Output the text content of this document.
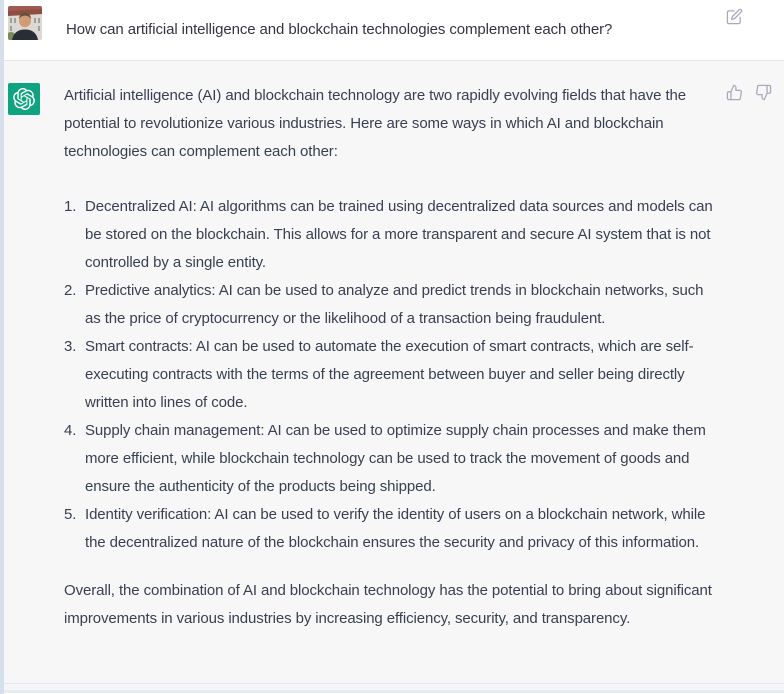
How can artificial intelligence and blockchain technologies complement each other?

Artificial intelligence (AI) and blockchain technology are two rapidly evolving fields that have the potential to revolutionize various industries. Here are some ways in which AI and blockchain technologies can complement each other:

1. Decentralized AI: AI algorithms can be trained using decentralized data sources and models can be stored on the blockchain. This allows for a more transparent and secure AI system that is not controlled by a single entity.
2. Predictive analytics: AI can be used to analyze and predict trends in blockchain networks, such as the price of cryptocurrency or the likelihood of a transaction being fraudulent.
3. Smart contracts: AI can be used to automate the execution of smart contracts, which are self-executing contracts with the terms of the agreement between buyer and seller being directly written into lines of code.
4. Supply chain management: AI can be used to optimize supply chain processes and make them more efficient, while blockchain technology can be used to track the movement of goods and ensure the authenticity of the products being shipped.
5. Identity verification: AI can be used to verify the identity of users on a blockchain network, while the decentralized nature of the blockchain ensures the security and privacy of this information.

Overall, the combination of AI and blockchain technology has the potential to bring about significant improvements in various industries by increasing efficiency, security, and transparency.
